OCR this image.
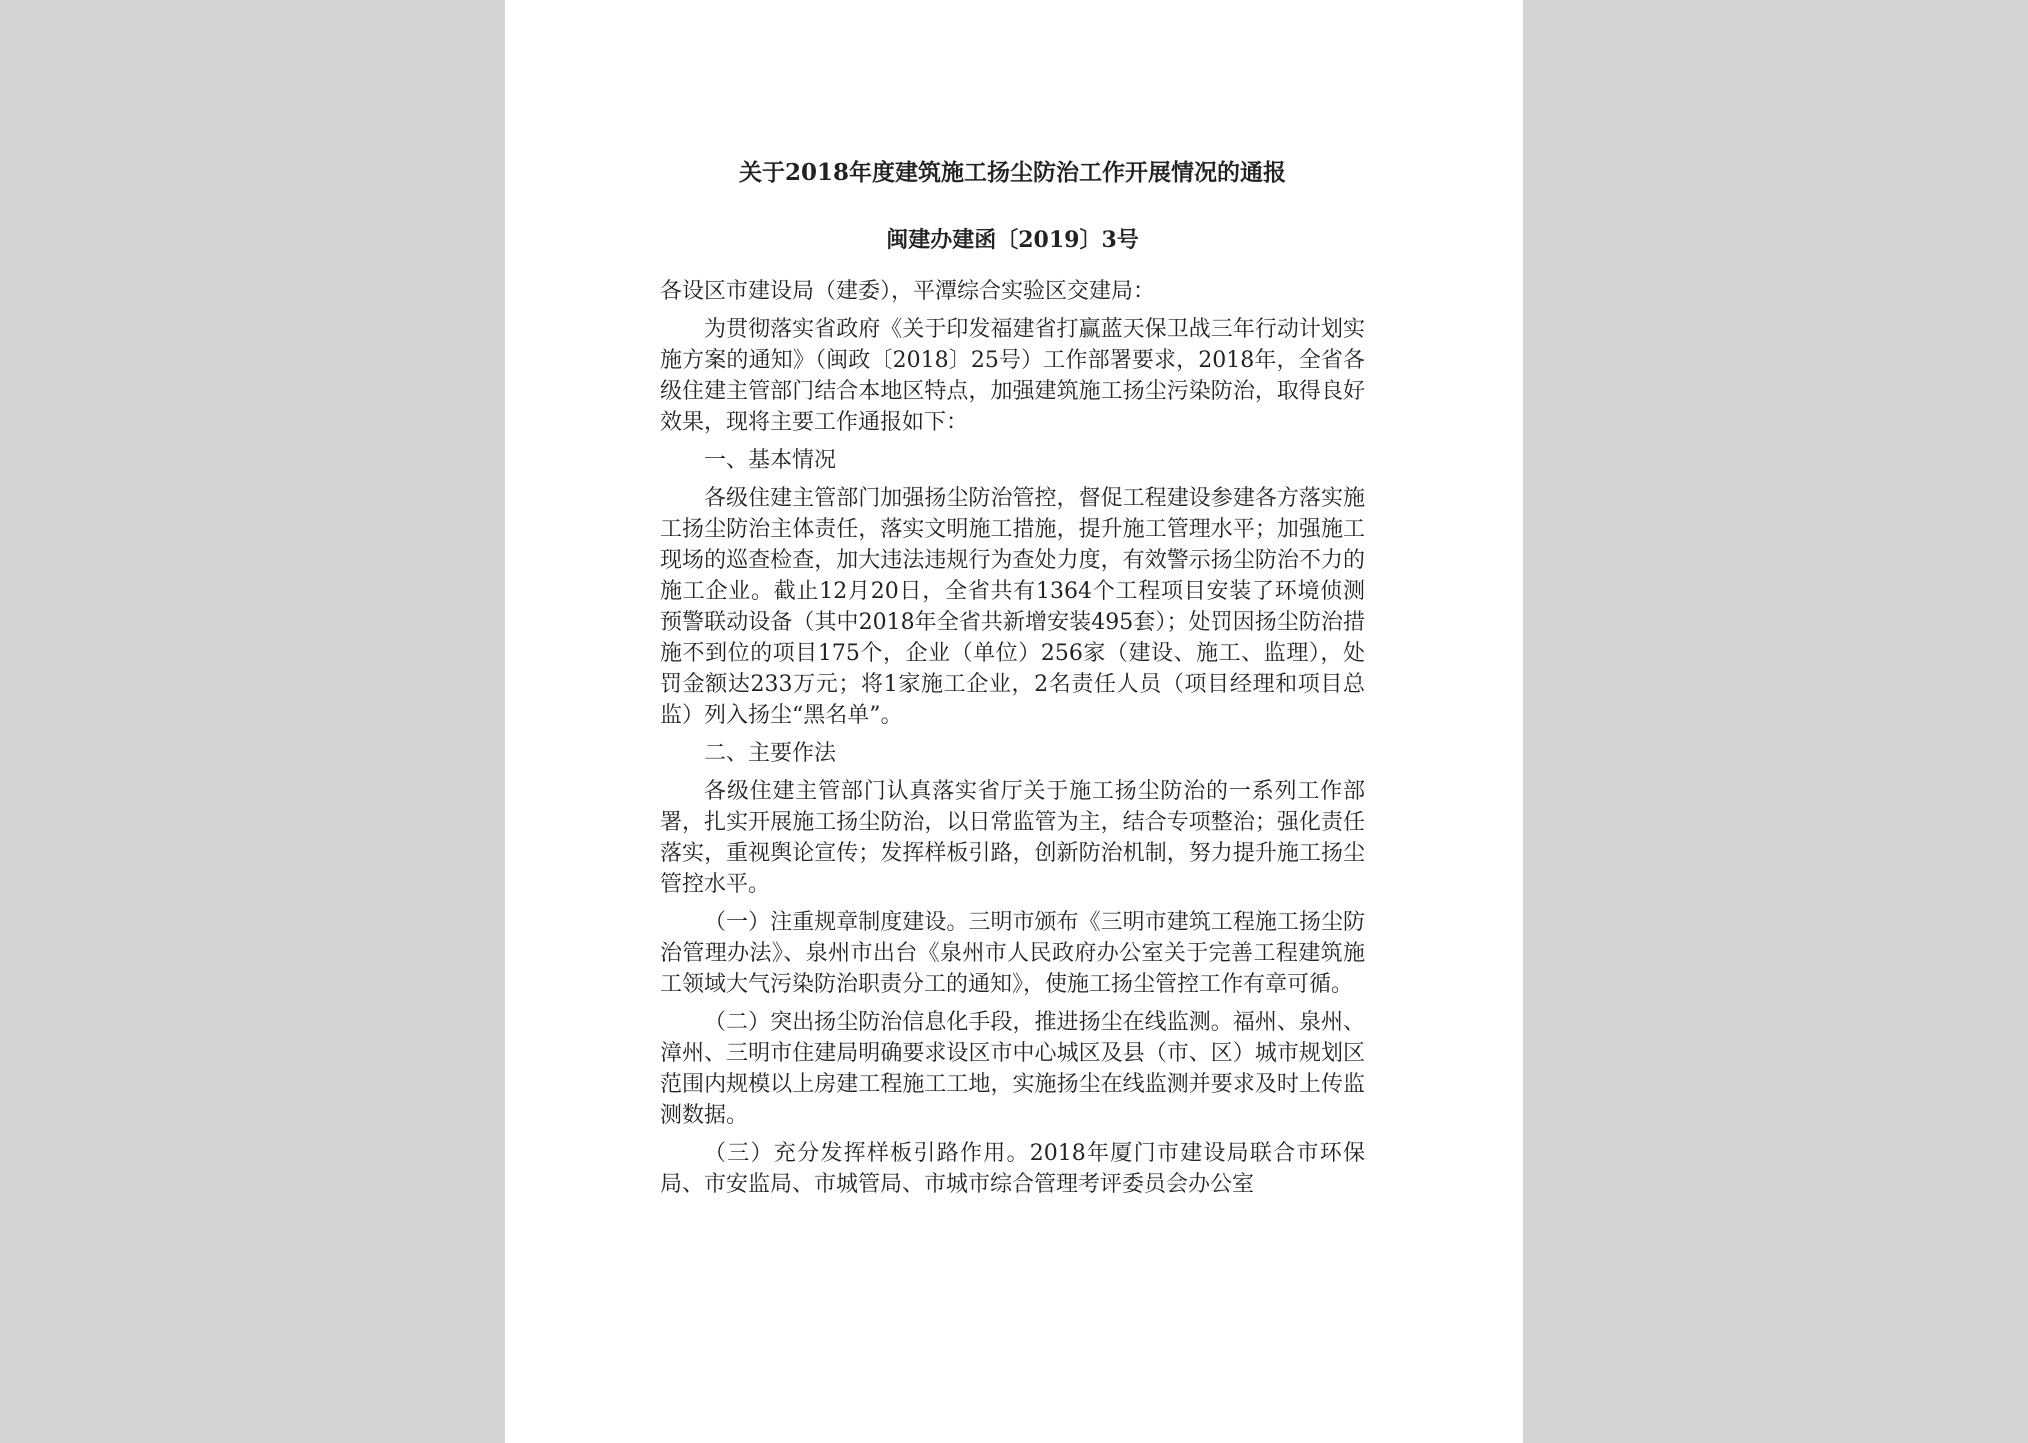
关于2018年度建筑施工扬尘防治工作开展情况的通报
闽建办建函〔2019〕3号
各设区市建设局（建委），平潭综合实验区交建局：
为贯彻落实省政府《关于印发福建省打赢蓝天保卫战三年行动计划实施方案的通知》（闽政〔2018〕25号）工作部署要求，2018年，全省各级住建主管部门结合本地区特点，加强建筑施工扬尘污染防治，取得良好效果，现将主要工作通报如下：
一、基本情况
各级住建主管部门加强扬尘防治管控，督促工程建设参建各方落实施工扬尘防治主体责任，落实文明施工措施，提升施工管理水平；加强施工现场的巡查检查，加大违法违规行为查处力度，有效警示扬尘防治不力的施工企业。截止12月20日，全省共有1364个工程项目安装了环境侦测预警联动设备（其中2018年全省共新增安装495套）；处罚因扬尘防治措施不到位的项目175个，企业（单位）256家（建设、施工、监理），处罚金额达233万元；将1家施工企业，2名责任人员（项目经理和项目总监）列入扬尘“黑名单”。
二、主要作法
各级住建主管部门认真落实省厅关于施工扬尘防治的一系列工作部署，扎实开展施工扬尘防治，以日常监管为主，结合专项整治；强化责任落实，重视舆论宣传；发挥样板引路，创新防治机制，努力提升施工扬尘管控水平。
（一）注重规章制度建设。三明市颁布《三明市建筑工程施工扬尘防治管理办法》、泉州市出台《泉州市人民政府办公室关于完善工程建筑施工领域大气污染防治职责分工的通知》，使施工扬尘管控工作有章可循。
（二）突出扬尘防治信息化手段，推进扬尘在线监测。福州、泉州、漳州、三明市住建局明确要求设区市中心城区及县（市、区）城市规划区范围内规模以上房建工程施工工地，实施扬尘在线监测并要求及时上传监测数据。
（三）充分发挥样板引路作用。2018年厦门市建设局联合市环保局、市安监局、市城管局、市城市综合管理考评委员会办公室
